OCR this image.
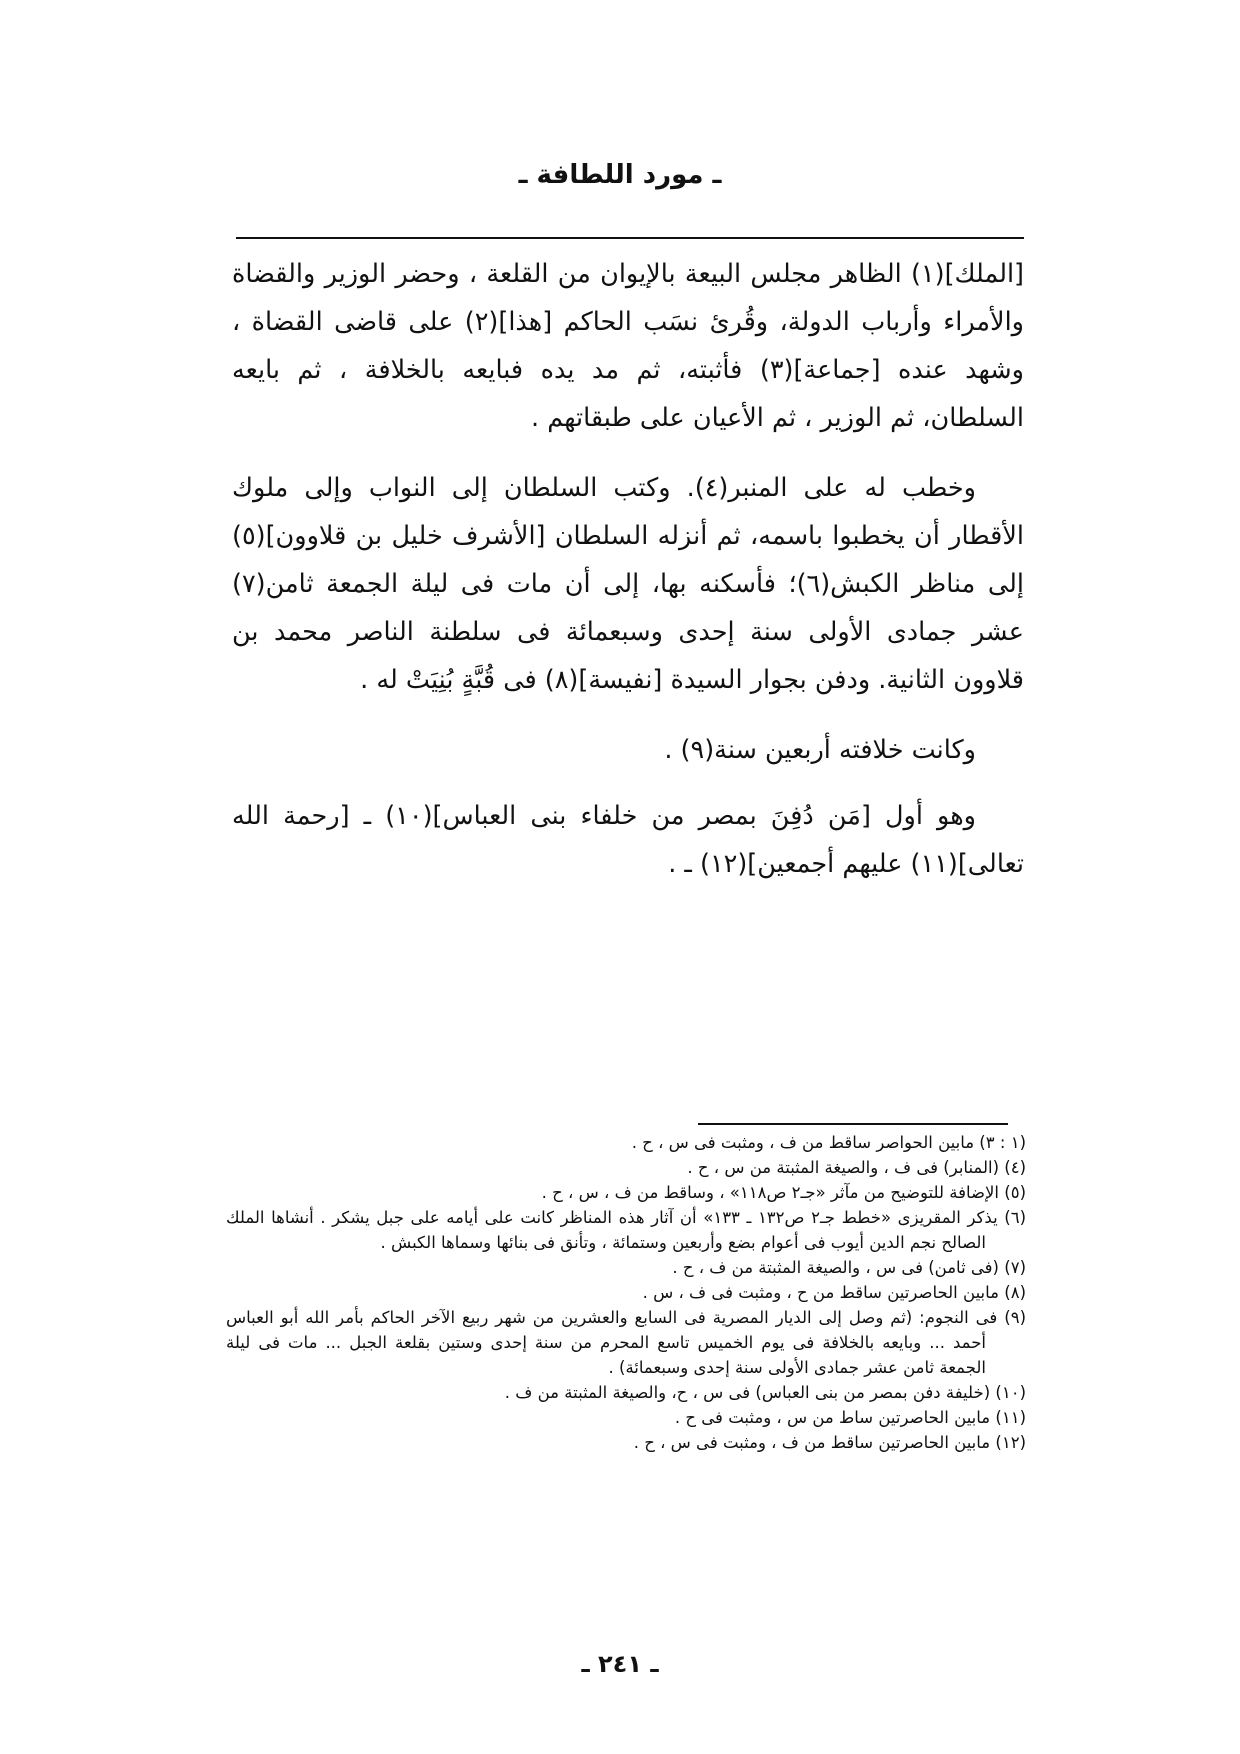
ـ مورد اللطافة ـ

[الملك](١) الظاهر مجلس البيعة بالإيوان من القلعة ، وحضر الوزير والقضاة والأمراء وأرباب الدولة، وقُرئ نسَب الحاكم [هذا](٢) على قاضى القضاة ، وشهد عنده [جماعة](٣) فأثبته، ثم مد يده فبايعه بالخلافة ، ثم بايعه السلطان، ثم الوزير ، ثم الأعيان على طبقاتهم .

وخطب له على المنبر(٤). وكتب السلطان إلى النواب وإلى ملوك الأقطار أن يخطبوا باسمه، ثم أنزله السلطان [الأشرف خليل بن قلاوون](٥) إلى مناظر الكبش(٦)؛ فأسكنه بها، إلى أن مات فى ليلة الجمعة ثامن(٧) عشر جمادى الأولى سنة إحدى وسبعمائة فى سلطنة الناصر محمد بن قلاوون الثانية. ودفن بجوار السيدة [نفيسة](٨) فى قُبَّةٍ بُنِيَتْ له .

وكانت خلافته أربعين سنة(٩) .

وهو أول [مَن دُفِنَ بمصر من خلفاء بنى العباس](١٠) ـ [رحمة الله تعالى](١١) عليهم أجمعين](١٢) ـ .

(١ : ٣) مابين الحواصر ساقط من ف ، ومثبت فى س ، ح .

(٤) (المنابر) فى ف ، والصيغة المثبتة من س ، ح .

(٥) الإضافة للتوضيح من مآثر «جـ٢ ص١١٨» ، وساقط من ف ، س ، ح .

(٦) يذكر المقريزى «خطط جـ٢ ص١٣٢ ـ ١٣٣» أن آثار هذه المناظر كانت على أيامه على جبل يشكر . أنشاها الملك الصالح نجم الدين أيوب فى أعوام بضع وأربعين وستمائة ، وتأنق فى بنائها وسماها الكبش .

(٧) (فى ثامن) فى س ، والصيغة المثبتة من ف ، ح .

(٨) مابين الحاصرتين ساقط من ح ، ومثبت فى ف ، س .

(٩) فى النجوم: (ثم وصل إلى الديار المصرية فى السابع والعشرين من شهر ربيع الآخر الحاكم بأمر الله أبو العباس أحمد ... وبايعه بالخلافة فى يوم الخميس تاسع المحرم من سنة إحدى وستين بقلعة الجبل ... مات فى ليلة الجمعة ثامن عشر جمادى الأولى سنة إحدى وسبعمائة) .

(١٠) (خليفة دفن بمصر من بنى العباس) فى س ، ح، والصيغة المثبتة من ف .

(١١) مابين الحاصرتين ساط من س ، ومثبت فى ح .

(١٢) مابين الحاصرتين ساقط من ف ، ومثبت فى س ، ح .

ـ ٢٤١ ـ
